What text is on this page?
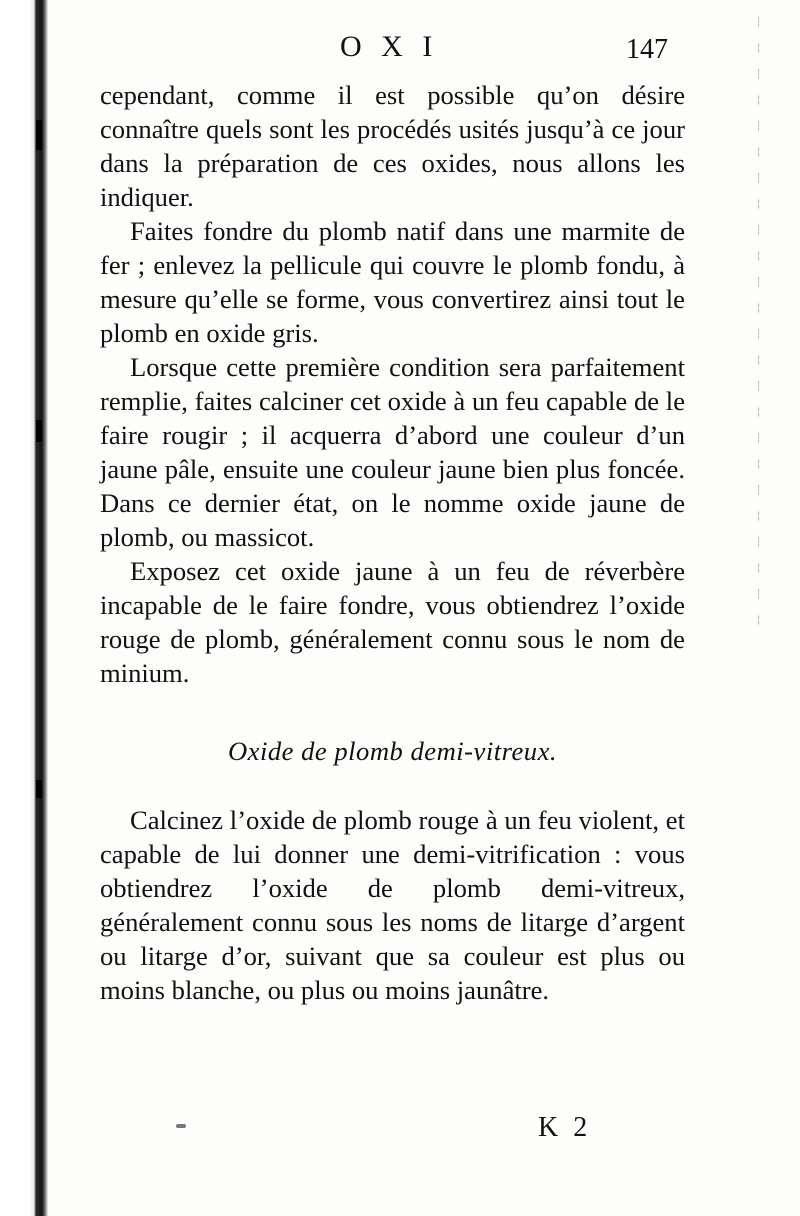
┆
╎
┆
╎
┆
╎
┆
╎
┆
╎
┆
╎
┆
╎
┆
╎
┆
╎
┆
╎
┆
╎
┆
╎
O X I	147

cependant, comme il est possible qu’on désire connaître quels sont les procédés usités jusqu’à ce jour dans la préparation de ces oxides, nous allons les indiquer.

Faites fondre du plomb natif dans une marmite de fer ; enlevez la pellicule qui couvre le plomb fondu, à mesure qu’elle se forme, vous convertirez ainsi tout le plomb en oxide gris.

Lorsque cette première condition sera parfaitement remplie, faites calciner cet oxide à un feu capable de le faire rougir ; il acquerra d’abord une couleur d’un jaune pâle, ensuite une couleur jaune bien plus foncée. Dans ce dernier état, on le nomme oxide jaune de plomb, ou massicot.

Exposez cet oxide jaune à un feu de réverbère incapable de le faire fondre, vous obtiendrez l’oxide rouge de plomb, généralement connu sous le nom de minium.

Oxide de plomb demi-vitreux.

Calcinez l’oxide de plomb rouge à un feu violent, et capable de lui donner une demi-vitrification : vous obtiendrez l’oxide de plomb demi-vitreux, généralement connu sous les noms de litarge d’argent ou litarge d’or, suivant que sa couleur est plus ou moins blanche, ou plus ou moins jaunâtre.

K 2
